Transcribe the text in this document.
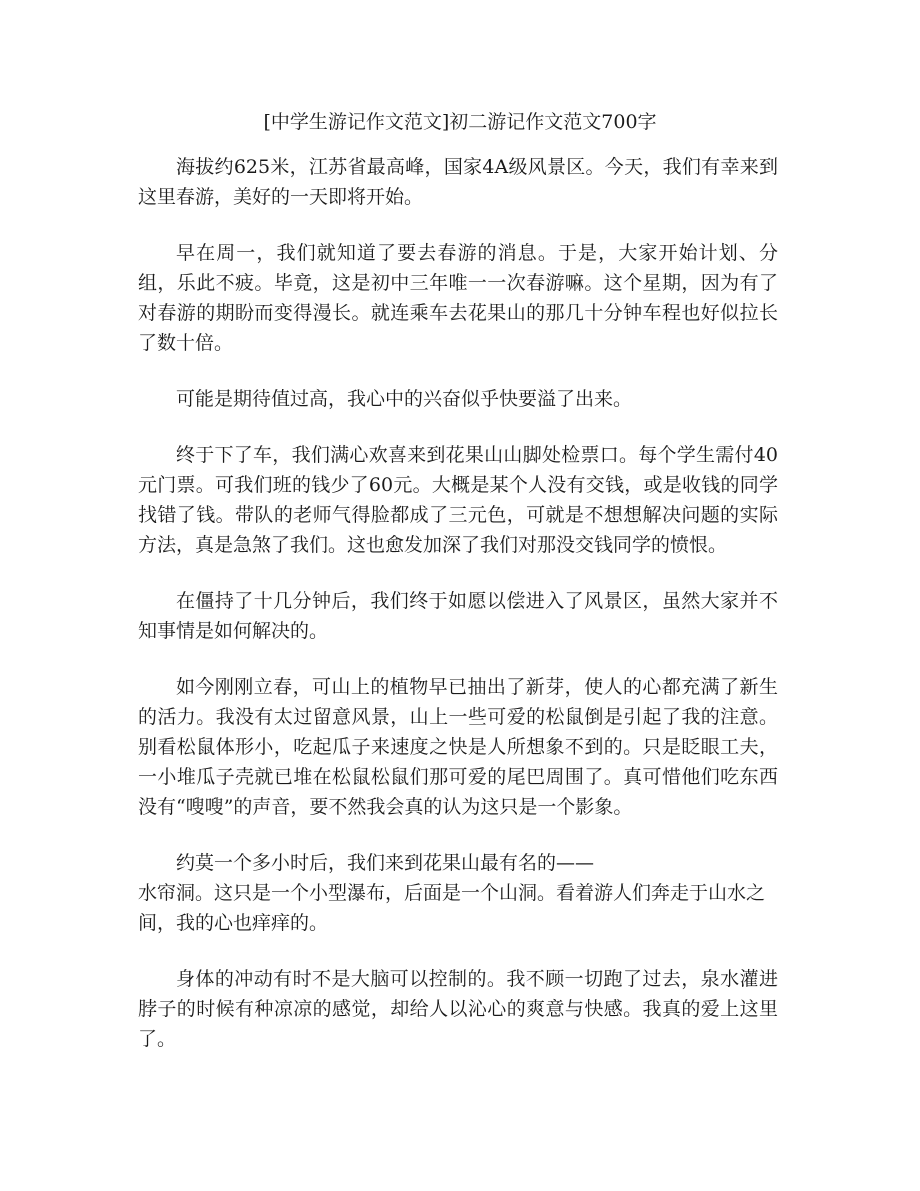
[中学生游记作文范文]初二游记作文范文700字

海拔约625米，江苏省最高峰，国家4A级风景区。今天，我们有幸来到这里春游，美好的一天即将开始。

早在周一，我们就知道了要去春游的消息。于是，大家开始计划、分组，乐此不疲。毕竟，这是初中三年唯一一次春游嘛。这个星期，因为有了对春游的期盼而变得漫长。就连乘车去花果山的那几十分钟车程也好似拉长了数十倍。

可能是期待值过高，我心中的兴奋似乎快要溢了出来。

终于下了车，我们满心欢喜来到花果山山脚处检票口。每个学生需付40元门票。可我们班的钱少了60元。大概是某个人没有交钱，或是收钱的同学找错了钱。带队的老师气得脸都成了三元色，可就是不想想解决问题的实际方法，真是急煞了我们。这也愈发加深了我们对那没交钱同学的愤恨。

在僵持了十几分钟后，我们终于如愿以偿进入了风景区，虽然大家并不知事情是如何解决的。

如今刚刚立春，可山上的植物早已抽出了新芽，使人的心都充满了新生的活力。我没有太过留意风景，山上一些可爱的松鼠倒是引起了我的注意。别看松鼠体形小，吃起瓜子来速度之快是人所想象不到的。只是眨眼工夫，一小堆瓜子壳就已堆在松鼠松鼠们那可爱的尾巴周围了。真可惜他们吃东西没有“嗖嗖”的声音，要不然我会真的认为这只是一个影象。

约莫一个多小时后，我们来到花果山最有名的——

水帘洞。这只是一个小型瀑布，后面是一个山洞。看着游人们奔走于山水之间，我的心也痒痒的。

身体的冲动有时不是大脑可以控制的。我不顾一切跑了过去，泉水灌进脖子的时候有种凉凉的感觉，却给人以沁心的爽意与快感。我真的爱上这里了。
